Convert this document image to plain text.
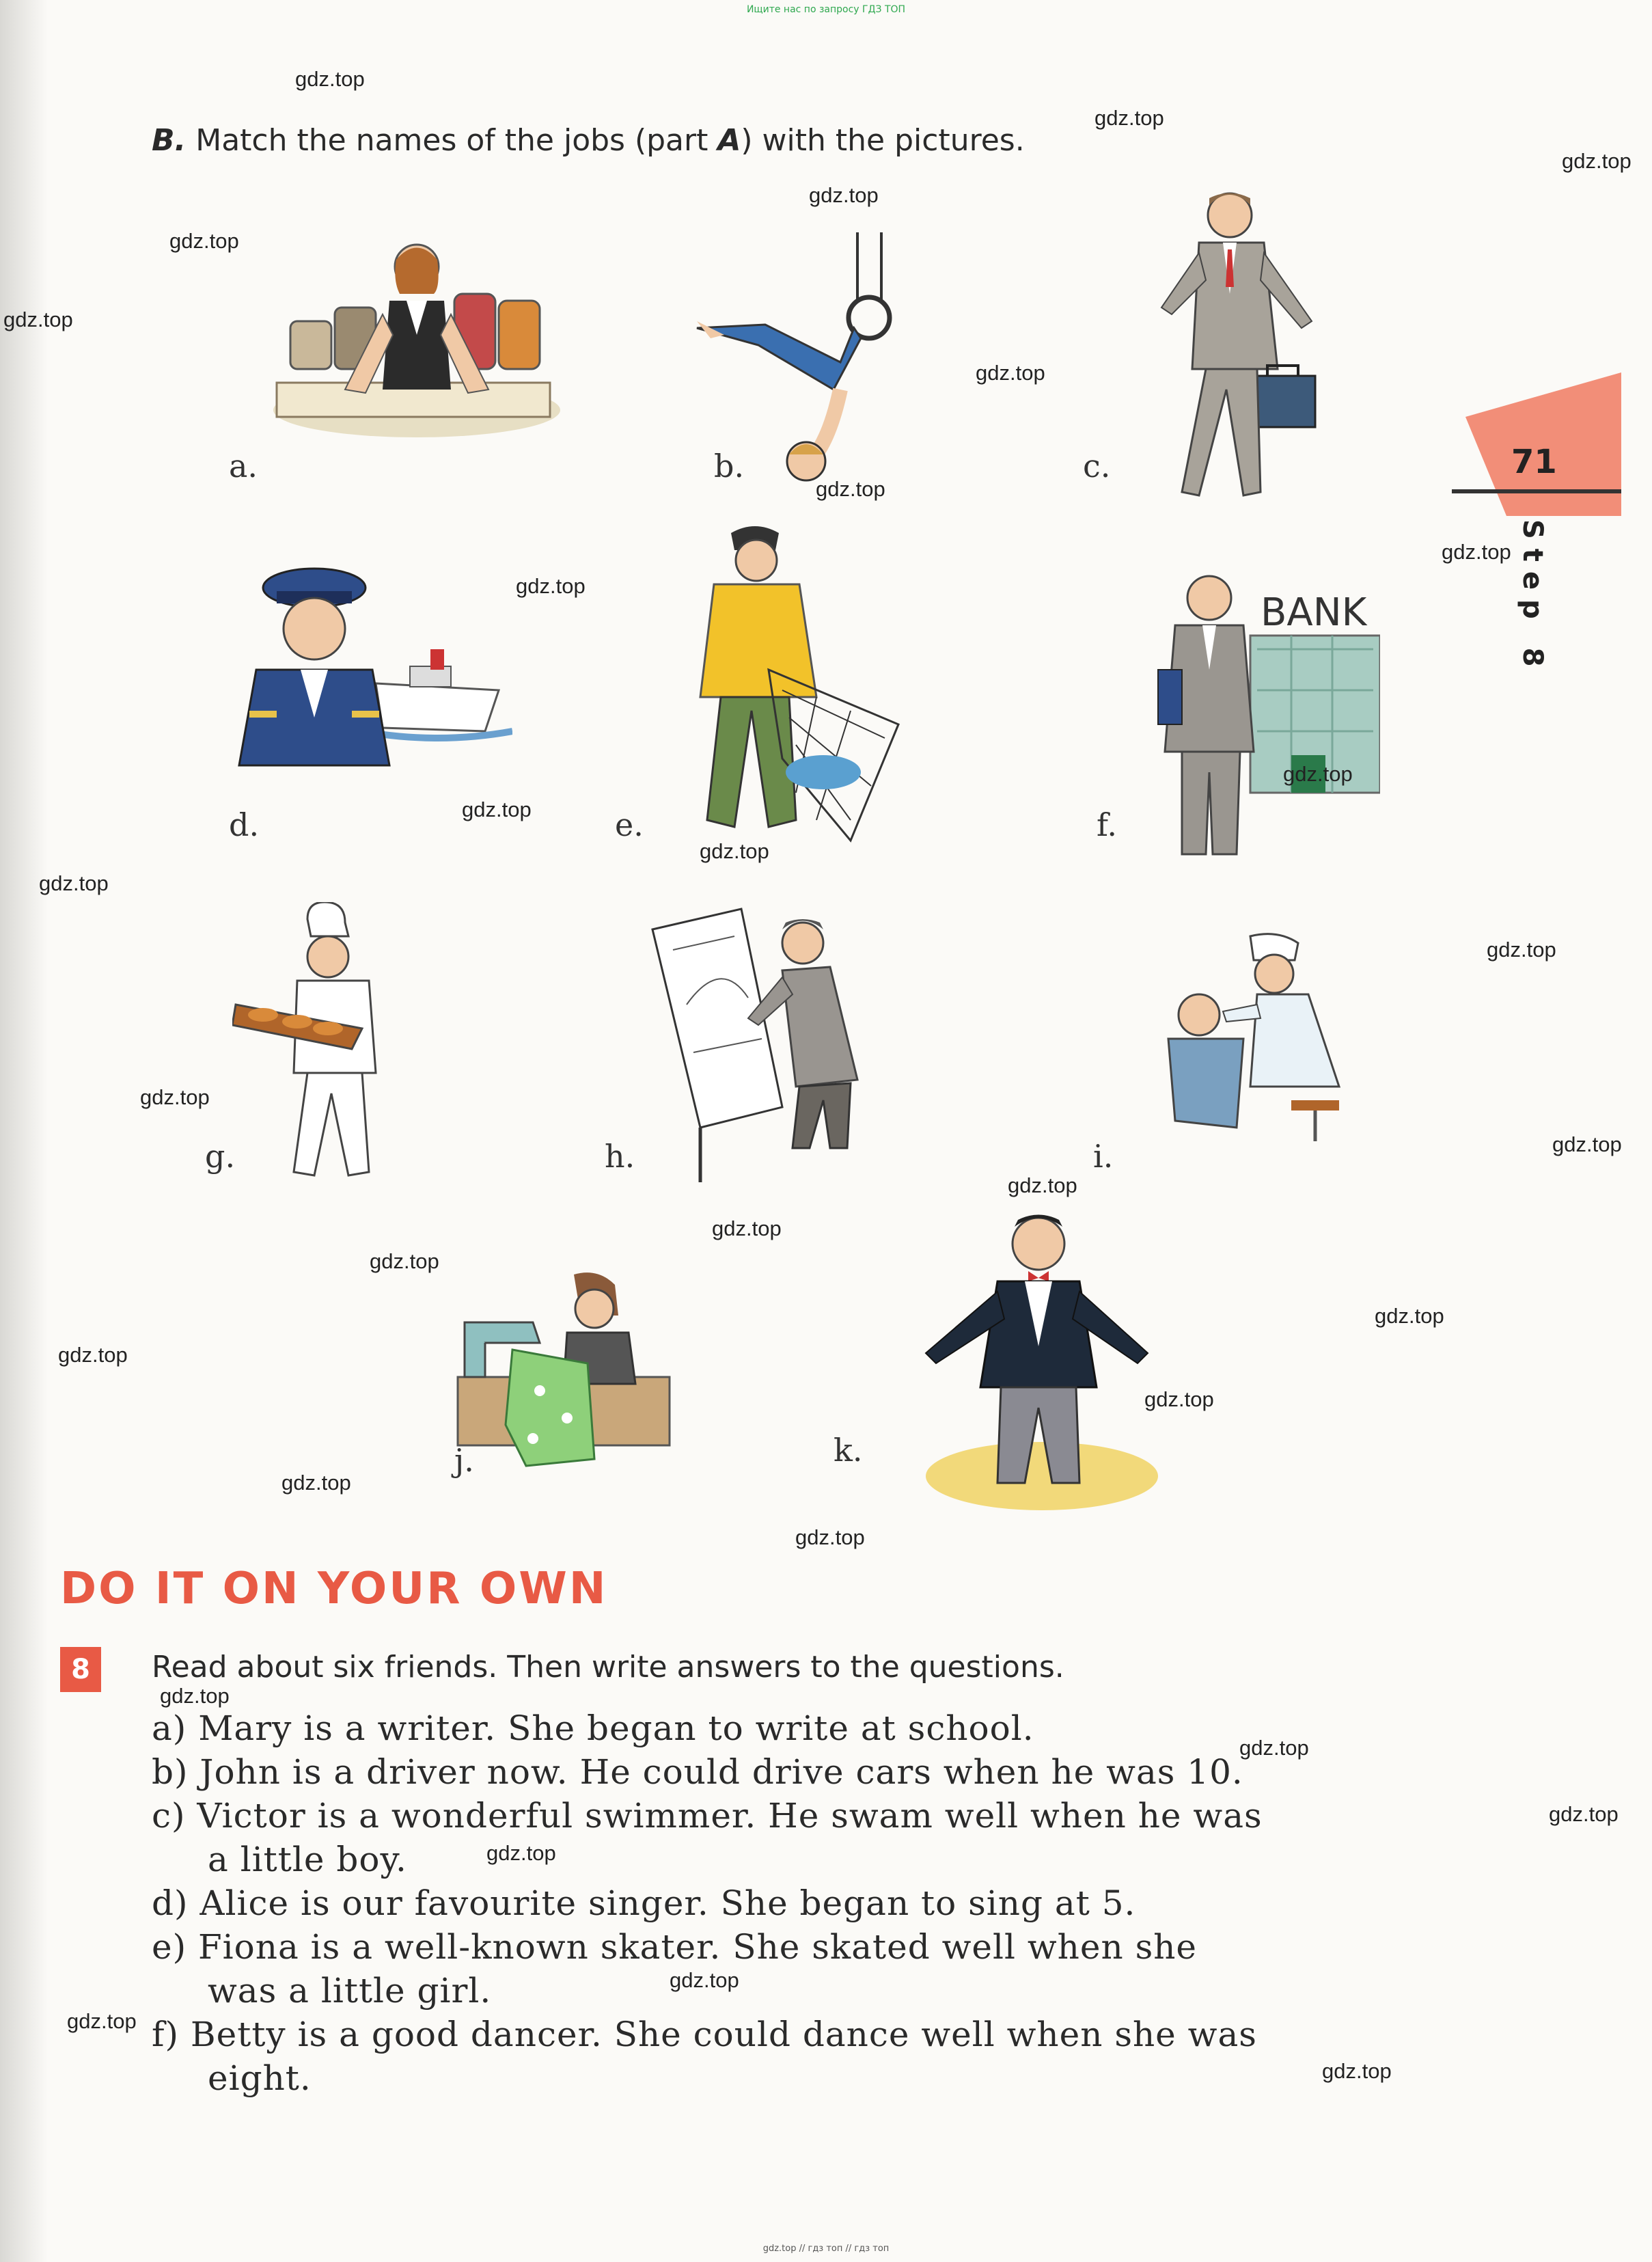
Ищите нас по запросу ГДЗ ТОП
B. Match the names of the jobs (part A) with the pictures.
71
Step 8
a.	b.	c.
d.	e.
BANK
f.
g.	h.	i.
j.	k.
DO IT ON YOUR OWN
8	Read about six friends. Then write answers to the questions.
a) Mary is a writer. She began to write at school.
b) John is a driver now. He could drive cars when he was 10.
c) Victor is a wonderful swimmer. He swam well when he was
a little boy.
d) Alice is our favourite singer. She began to sing at 5.
e) Fiona is a well-known skater. She skated well when she
was a little girl.
f) Betty is a good dancer. She could dance well when she was
eight.
gdz.top
gdz.top
gdz.top
gdz.top
gdz.top
gdz.top
gdz.top
gdz.top
gdz.top
gdz.top
gdz.top
gdz.top
gdz.top
gdz.top
gdz.top
gdz.top
gdz.top
gdz.top
gdz.top
gdz.top
gdz.top
gdz.top
gdz.top
gdz.top
gdz.top
gdz.top
gdz.top
gdz.top
gdz.top
gdz.top
gdz.top
gdz.top
gdz.top // гдз топ // гдз топ
